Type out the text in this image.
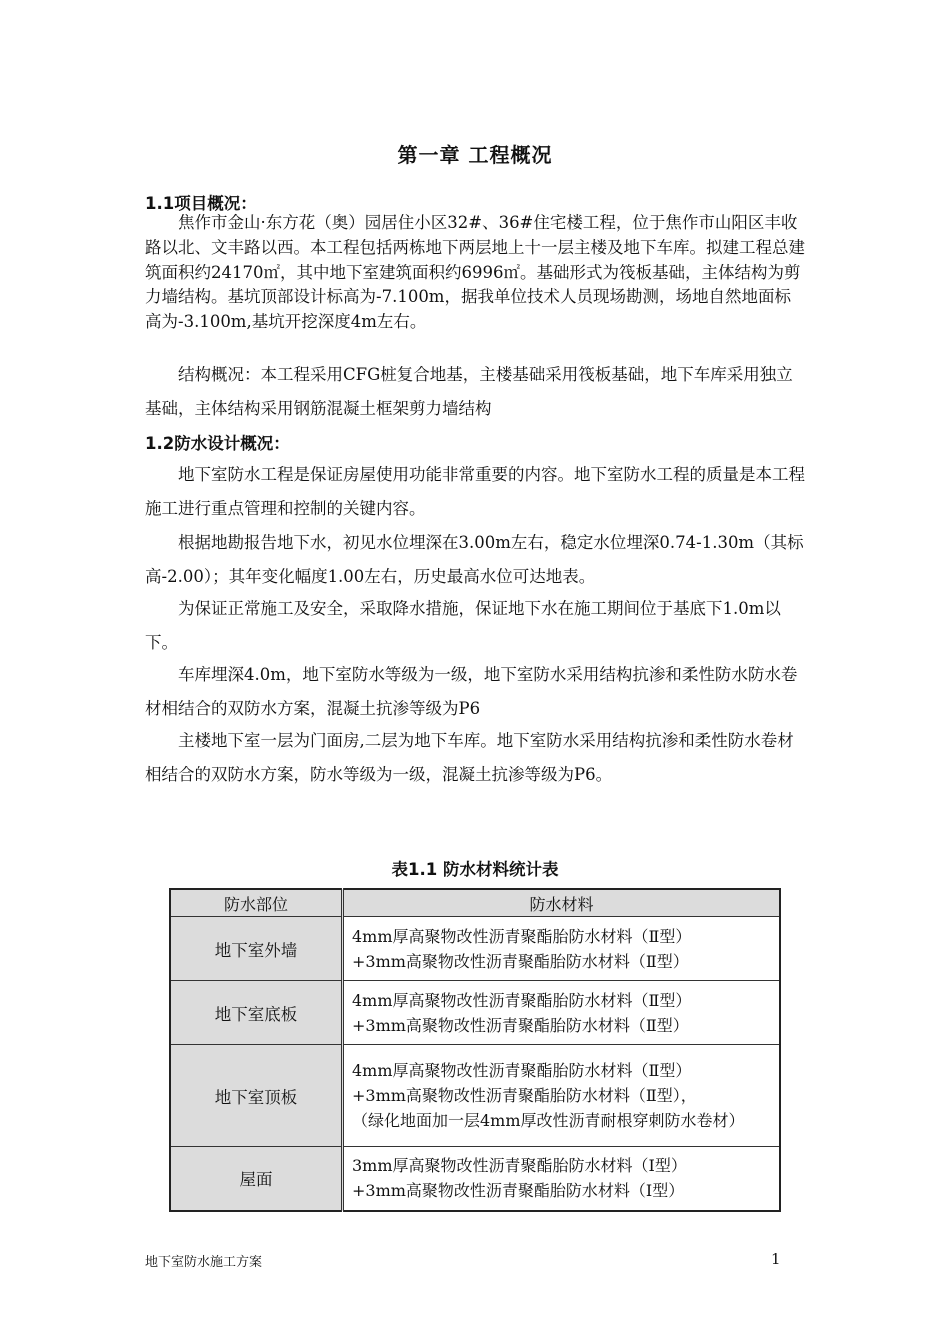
第一章 工程概况
1.1项目概况：

焦作市金山·东方花（奥）园居住小区32#、36#住宅楼工程，位于焦作市山阳区丰收路以北、文丰路以西。本工程包括两栋地下两层地上十一层主楼及地下车库。拟建工程总建筑面积约24170㎡，其中地下室建筑面积约6996㎡。基础形式为筏板基础，主体结构为剪力墙结构。基坑顶部设计标高为-7.100m，据我单位技术人员现场勘测，场地自然地面标高为-3.100m,基坑开挖深度4m左右。

结构概况：本工程采用CFG桩复合地基，主楼基础采用筏板基础，地下车库采用独立基础，主体结构采用钢筋混凝土框架剪力墙结构

1.2防水设计概况：

地下室防水工程是保证房屋使用功能非常重要的内容。地下室防水工程的质量是本工程施工进行重点管理和控制的关键内容。

根据地勘报告地下水，初见水位埋深在3.00m左右，稳定水位埋深0.74-1.30m（其标高-2.00）；其年变化幅度1.00左右，历史最高水位可达地表。

为保证正常施工及安全，采取降水措施，保证地下水在施工期间位于基底下1.0m以下。

车库埋深4.0m，地下室防水等级为一级，地下室防水采用结构抗渗和柔性防水防水卷材相结合的双防水方案，混凝土抗渗等级为P6

主楼地下室一层为门面房,二层为地下车库。地下室防水采用结构抗渗和柔性防水卷材相结合的双防水方案，防水等级为一级，混凝土抗渗等级为P6。

表1.1 防水材料统计表
防水部位	防水材料
地下室外墙	4mm厚高聚物改性沥青聚酯胎防水材料（Ⅱ型）
+3mm高聚物改性沥青聚酯胎防水材料（Ⅱ型）

地下室底板	4mm厚高聚物改性沥青聚酯胎防水材料（Ⅱ型）
+3mm高聚物改性沥青聚酯胎防水材料（Ⅱ型）

地下室顶板	4mm厚高聚物改性沥青聚酯胎防水材料（Ⅱ型）
+3mm高聚物改性沥青聚酯胎防水材料（Ⅱ型），
（绿化地面加一层4mm厚改性沥青耐根穿刺防水卷材）

屋面	3mm厚高聚物改性沥青聚酯胎防水材料（Ⅰ型）
+3mm高聚物改性沥青聚酯胎防水材料（Ⅰ型）
地下室防水施工方案	1
